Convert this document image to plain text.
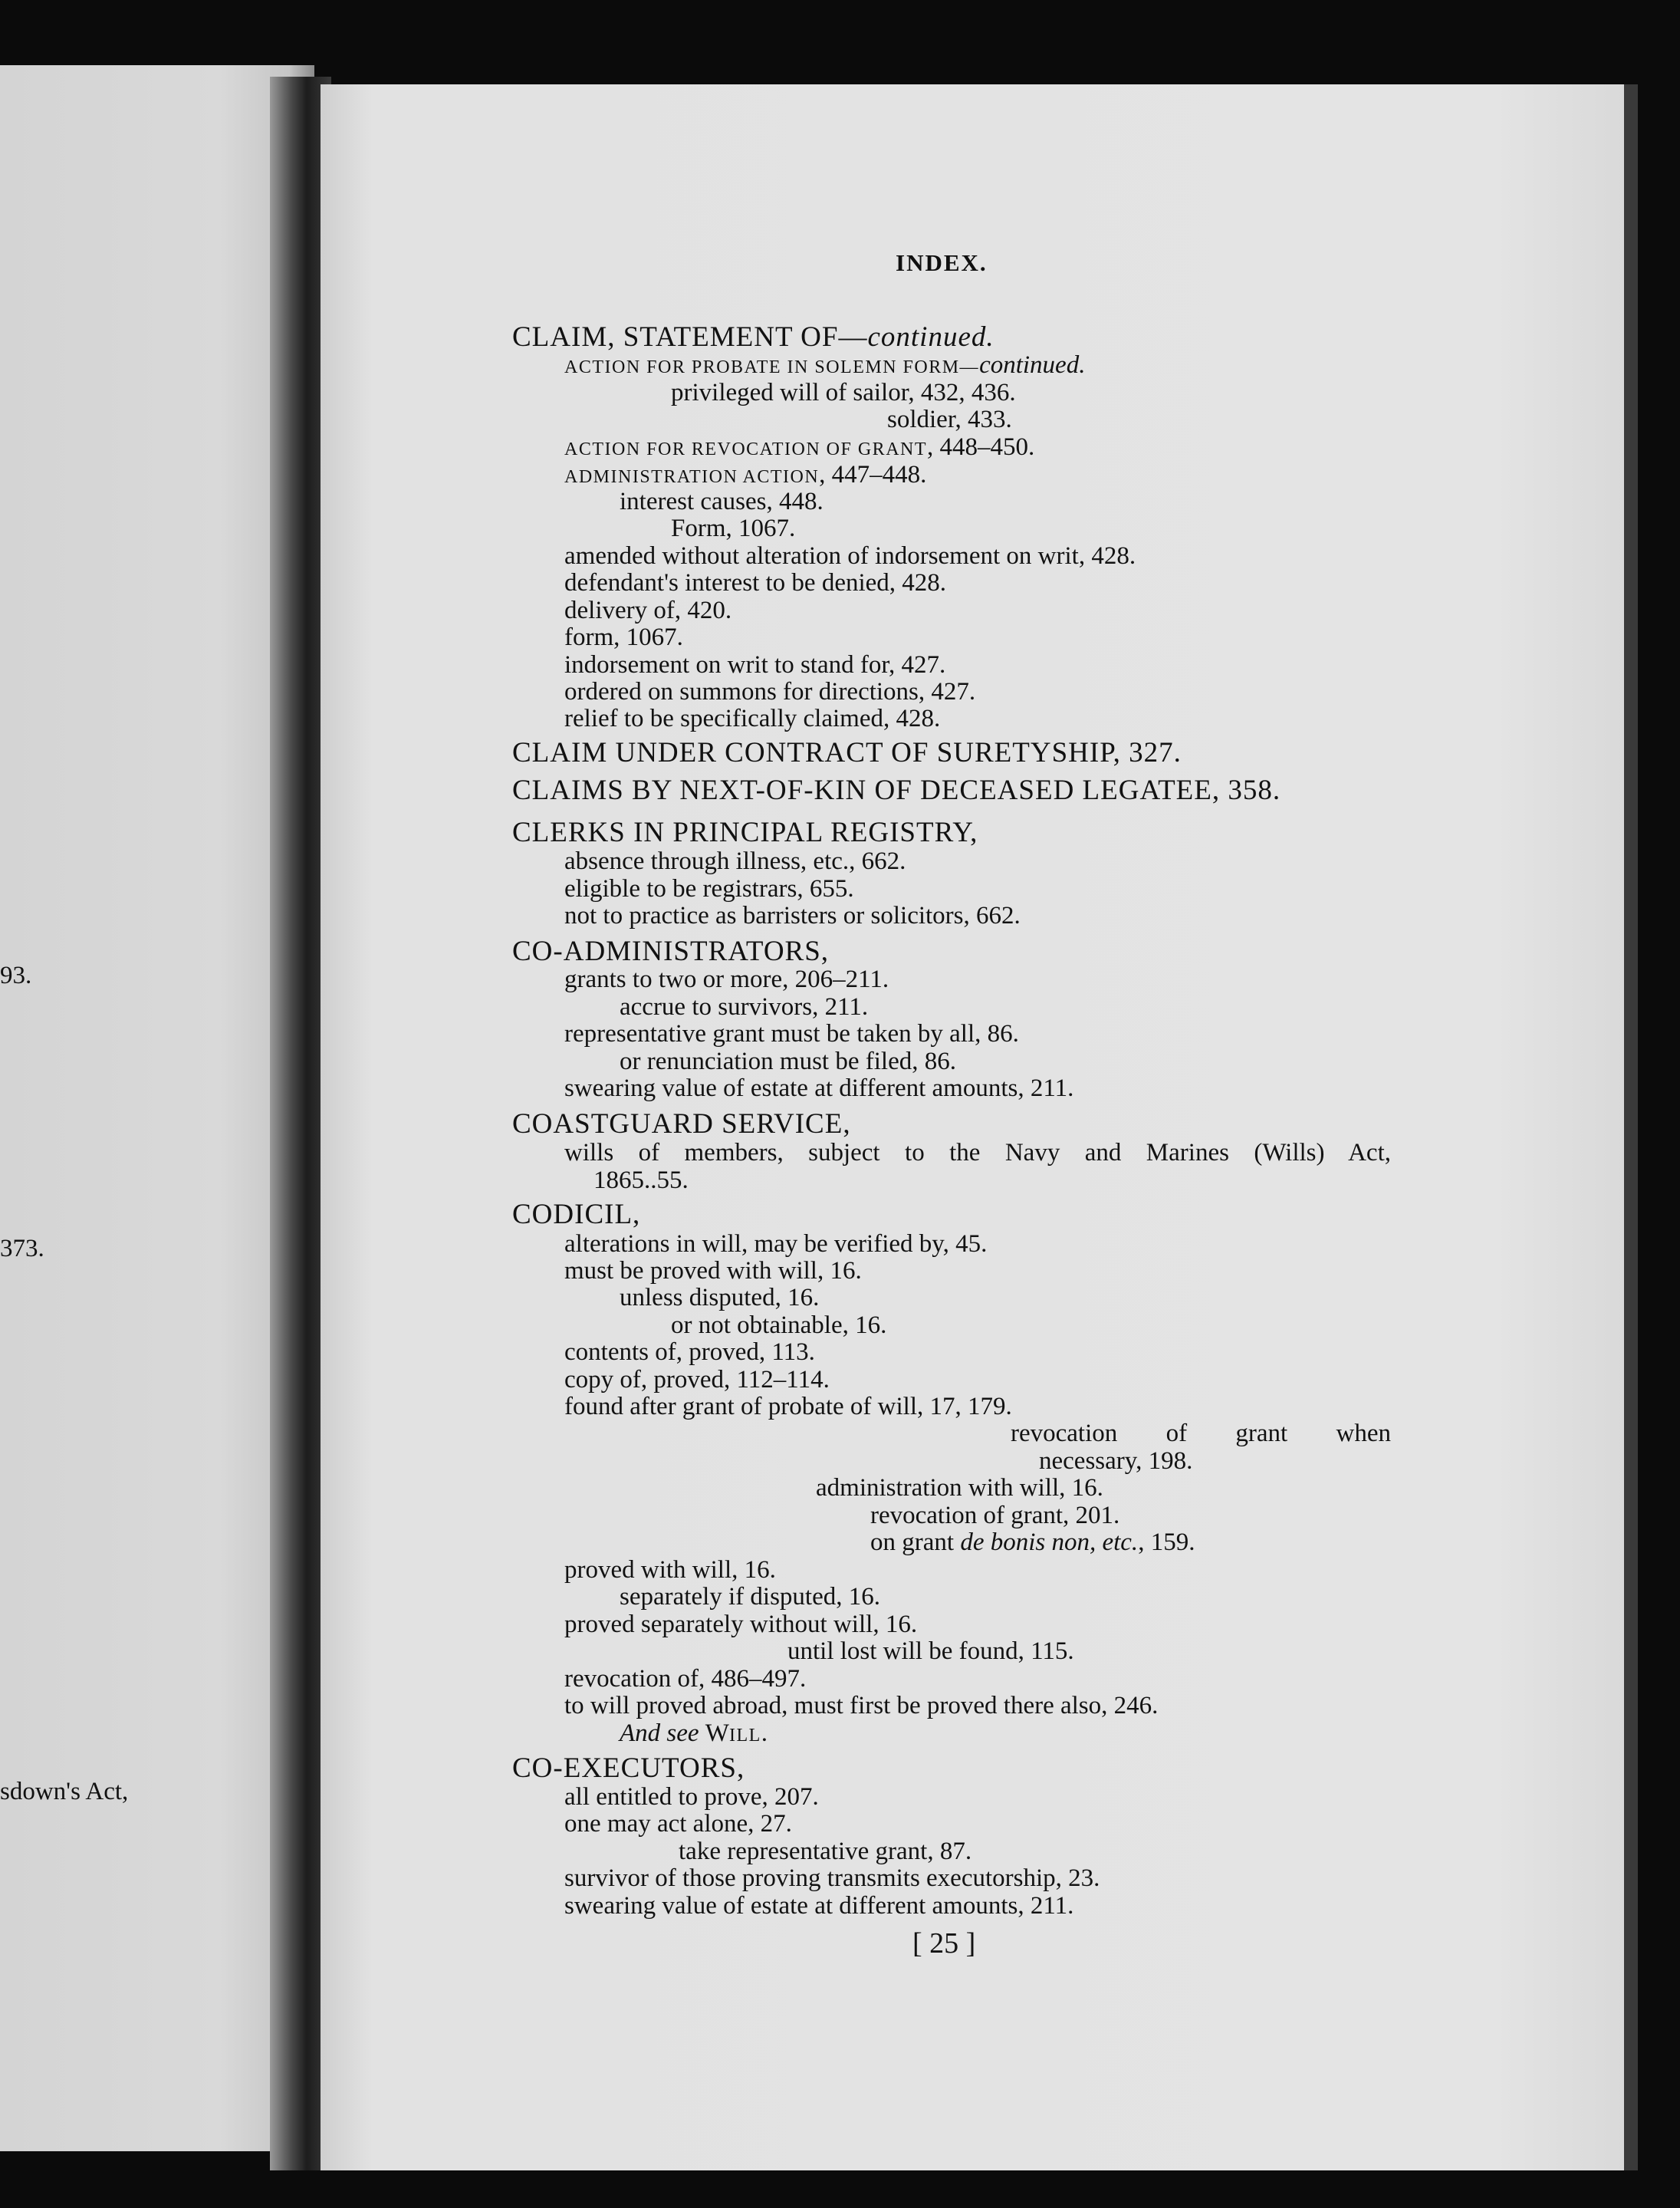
93.
373.
sdown's Act,
INDEX.
CLAIM, STATEMENT OF—continued.
ACTION FOR PROBATE IN SOLEMN FORM—continued.
privileged will of sailor, 432, 436.
soldier, 433.
ACTION FOR REVOCATION OF GRANT, 448–450.
ADMINISTRATION ACTION, 447–448.
interest causes, 448.
Form, 1067.
amended without alteration of indorsement on writ, 428.
defendant's interest to be denied, 428.
delivery of, 420.
form, 1067.
indorsement on writ to stand for, 427.
ordered on summons for directions, 427.
relief to be specifically claimed, 428.
CLAIM UNDER CONTRACT OF SURETYSHIP, 327.
CLAIMS BY NEXT-OF-KIN OF DECEASED LEGATEE, 358.
CLERKS IN PRINCIPAL REGISTRY,
absence through illness, etc., 662.
eligible to be registrars, 655.
not to practice as barristers or solicitors, 662.
CO-ADMINISTRATORS,
grants to two or more, 206–211.
accrue to survivors, 211.
representative grant must be taken by all, 86.
or renunciation must be filed, 86.
swearing value of estate at different amounts, 211.
COASTGUARD SERVICE,
wills of members, subject to the Navy and Marines (Wills) Act,
1865..55.
CODICIL,
alterations in will, may be verified by, 45.
must be proved with will, 16.
unless disputed, 16.
or not obtainable, 16.
contents of, proved, 113.
copy of, proved, 112–114.
found after grant of probate of will, 17, 179.
revocation of grant when
necessary, 198.
administration with will, 16.
revocation of grant, 201.
on grant de bonis non, etc., 159.
proved with will, 16.
separately if disputed, 16.
proved separately without will, 16.
until lost will be found, 115.
revocation of, 486–497.
to will proved abroad, must first be proved there also, 246.
And see WILL.
CO-EXECUTORS,
all entitled to prove, 207.
one may act alone, 27.
take representative grant, 87.
survivor of those proving transmits executorship, 23.
swearing value of estate at different amounts, 211.
[ 25 ]
